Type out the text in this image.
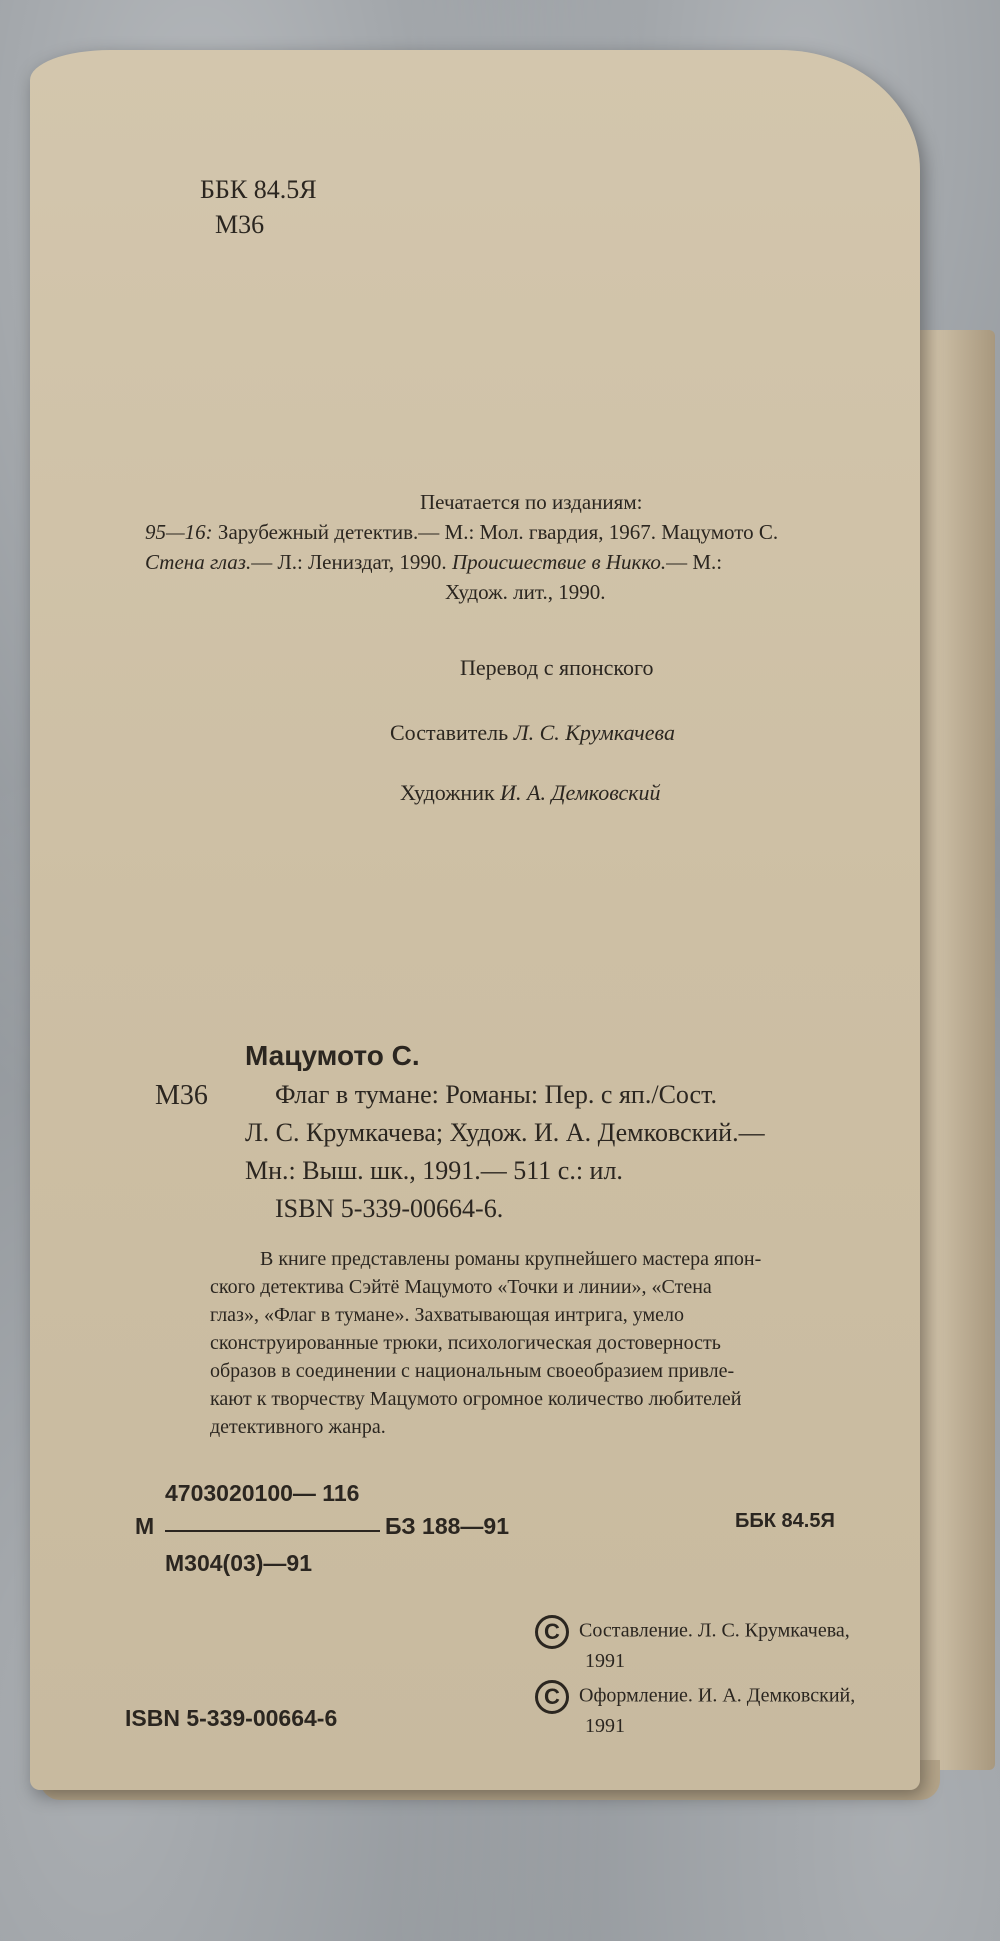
ББК 84.5Я
М36
Печатается по изданиям:
95—16: Зарубежный детектив.— М.: Мол. гвардия, 1967. Мацумото С.
Стена глаз.— Л.: Лениздат, 1990. Происшествие в Никко.— М.:
Худож. лит., 1990.
Перевод с японского
Составитель Л. С. Крумкачева
Художник И. А. Демковский
Мацумото С.
М36	Флаг в тумане: Романы: Пер. с яп./Сост.
Л. С. Крумкачева; Худож. И. А. Демковский.—
Мн.: Выш. шк., 1991.— 511 с.: ил.
ISBN 5-339-00664-6.
В книге представлены романы крупнейшего мастера япон-
ского детектива Сэйтё Мацумото «Точки и линии», «Стена
глаз», «Флаг в тумане». Захватывающая интрига, умело
сконструированные трюки, психологическая достоверность
образов в соединении с национальным своеобразием привле-
кают к творчеству Мацумото огромное количество любителей
детективного жанра.
4703020100— 116
М	БЗ 188—91
М304(03)—91
ББК 84.5Я
C Составление. Л. С. Крумкачева,
1991
C Оформление. И. А. Демковский,
1991
ISBN 5-339-00664-6
